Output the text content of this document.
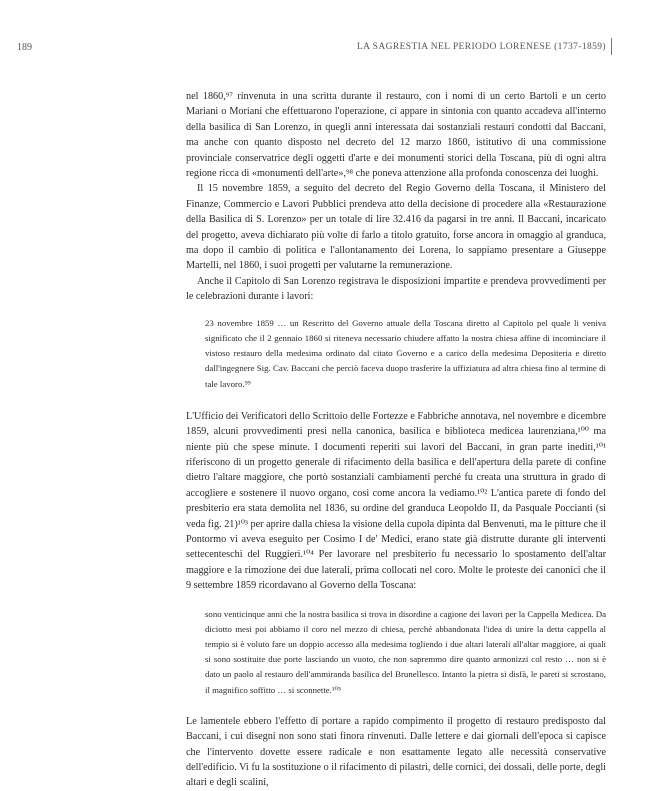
189	LA SAGRESTIA NEL PERIODO LORENESE (1737-1859)

nel 1860,⁹⁷ rinvenuta in una scritta durante il restauro, con i nomi di un certo Bartoli e un certo Mariani o Moriani che effettuarono l'operazione, ci appare in sintonia con quanto accadeva all'interno della basilica di San Lorenzo, in quegli anni interessata dai sostanziali restauri condotti dal Baccani, ma anche con quanto disposto nel decreto del 12 marzo 1860, istitutivo di una commissione provinciale conservatrice degli oggetti d'arte e dei monumenti storici della Toscana, più di ogni altra regione ricca di «monumenti dell'arte»,⁹⁸ che poneva attenzione alla profonda conoscenza dei luoghi.

Il 15 novembre 1859, a seguito del decreto del Regio Governo della Toscana, il Ministero del Finanze, Commercio e Lavori Pubblici prendeva atto della decisione di procedere alla «Restaurazione della Basilica di S. Lorenzo» per un totale di lire 32.416 da pagarsi in tre anni. Il Baccani, incaricato del progetto, aveva dichiarato più volte di farlo a titolo gratuito, forse ancora in omaggio al granduca, ma dopo il cambio di politica e l'allontanamento dei Lorena, lo sappiamo presentare a Giuseppe Martelli, nel 1860, i suoi progetti per valutarne la remunerazione.

Anche il Capitolo di San Lorenzo registrava le disposizioni impartite e prendeva provvedimenti per le celebrazioni durante i lavori:

23 novembre 1859 … un Rescritto del Governo attuale della Toscana diretto al Capitolo pel quale li veniva significato che il 2 gennaio 1860 si riteneva necessario chiudere affatto la nostra chiesa affine di incominciare il vistoso restauro della medesima ordinato dal citato Governo e a carico della medesima Depositeria e diretto dall'ingegnere Sig. Cav. Baccani che perciò faceva duopo trasferire la uffiziatura ad altra chiesa fino al termine di tale lavoro.⁹⁹

L'Ufficio dei Verificatori dello Scrittoio delle Fortezze e Fabbriche annotava, nel novembre e dicembre 1859, alcuni provvedimenti presi nella canonica, basilica e biblioteca medicea laurenziana,¹⁰⁰ ma niente più che spese minute. I documenti reperiti sui lavori del Baccani, in gran parte inediti,¹⁰¹ riferiscono di un progetto generale di rifacimento della basilica e dell'apertura della parete di confine dietro l'altare maggiore, che portò sostanziali cambiamenti perché fu creata una struttura in grado di accogliere e sostenere il nuovo organo, così come ancora la vediamo.¹⁰² L'antica parete di fondo del presbiterio era stata demolita nel 1836, su ordine del granduca Leopoldo II, da Pasquale Poccianti (si veda fig. 21)¹⁰³ per aprire dalla chiesa la visione della cupola dipinta dal Benvenuti, ma le pitture che il Pontormo vi aveva eseguito per Cosimo I de' Medici, erano state già distrutte durante gli interventi settecenteschi del Ruggieri.¹⁰⁴ Per lavorare nel presbiterio fu necessario lo spostamento dell'altar maggiore e la rimozione dei due laterali, prima collocati nel coro. Molte le proteste dei canonici che il 9 settembre 1859 ricordavano al Governo della Toscana:

sono venticinque anni che la nostra basilica si trova in disordine a cagione dei lavori per la Cappella Medicea. Da diciotto mesi poi abbiamo il coro nel mezzo di chiesa, perché abbandonata l'idea di unire la detta cappella al tempio si è voluto fare un doppio accesso alla medesima togliendo i due altari laterali all'altar maggiore, ai quali si sono sostituite due porte lasciando un vuoto, che non sapremmo dire quanto armonizzi col resto … non si è dato un paolo al restauro dell'ammiranda basilica del Brunellesco. Intanto la pietra si disfà, le pareti si scrostano, il magnifico soffitto … si sconnette.¹⁰⁵

Le lamentele ebbero l'effetto di portare a rapido compimento il progetto di restauro predisposto dal Baccani, i cui disegni non sono stati finora rinvenuti. Dalle lettere e dai giornali dell'epoca si capisce che l'intervento dovette essere radicale e non esattamente legato alle necessità conservative dell'edificio. Vi fu la sostituzione o il rifacimento di pilastri, delle cornici, dei dossali, delle porte, degli altari e degli scalini,
